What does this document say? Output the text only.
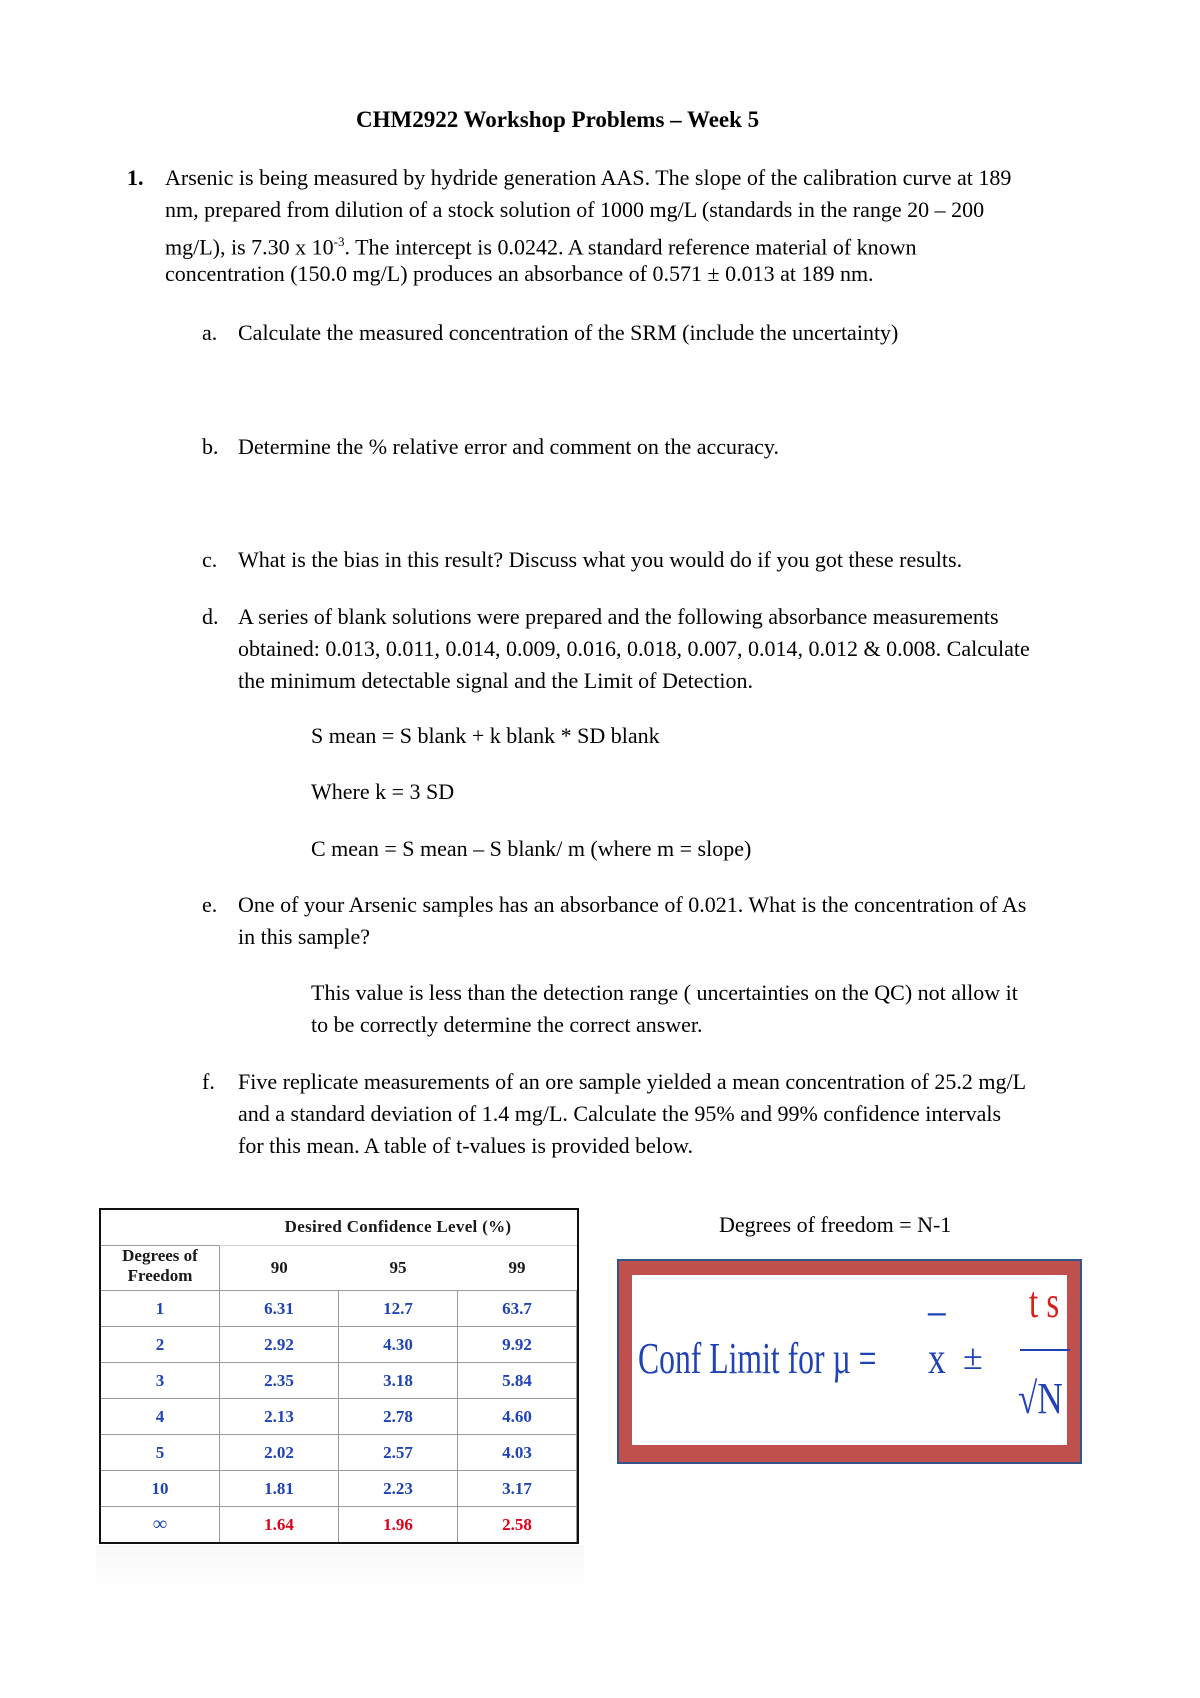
CHM2922 Workshop Problems – Week 5

1. Arsenic is being measured by hydride generation AAS. The slope of the calibration curve at 189

nm, prepared from dilution of a stock solution of 1000 mg/L (standards in the range 20 – 200

mg/L), is 7.30 x $10^{-3}$. The intercept is 0.0242. A standard reference material of known

concentration (150.0 mg/L) produces an absorbance of 0.571 ± 0.013 at 189 nm.

a. Calculate the measured concentration of the SRM (include the uncertainty)

b. Determine the % relative error and comment on the accuracy.

c. What is the bias in this result? Discuss what you would do if you got these results.

d. A series of blank solutions were prepared and the following absorbance measurements

obtained: 0.013, 0.011, 0.014, 0.009, 0.016, 0.018, 0.007, 0.014, 0.012 & 0.008. Calculate

the minimum detectable signal and the Limit of Detection.

S mean = S blank + k blank * SD blank

Where k = 3 SD

C mean = S mean – S blank/ m (where m = slope)

e. One of your Arsenic samples has an absorbance of 0.021. What is the concentration of As

in this sample?

This value is less than the detection range ( uncertainties on the QC) not allow it

to be correctly determine the correct answer.

f. Five replicate measurements of an ore sample yielded a mean concentration of 25.2 mg/L

and a standard deviation of 1.4 mg/L. Calculate the 95% and 99% confidence intervals

for this mean. A table of t-values is provided below.

	Desired Confidence Level (%)		
Degrees of
Freedom	90	95	99
1	6.31	12.7	63.7
2	2.92	4.30	9.92
3	2.35	3.18	5.84
4	2.13	2.78	4.60
5	2.02	2.57	4.03
10	1.81	2.23	3.17
∞	1.64	1.96	2.58

Degrees of freedom = N-1

Conf Limit for µ =
–
x ±
t s
√N
